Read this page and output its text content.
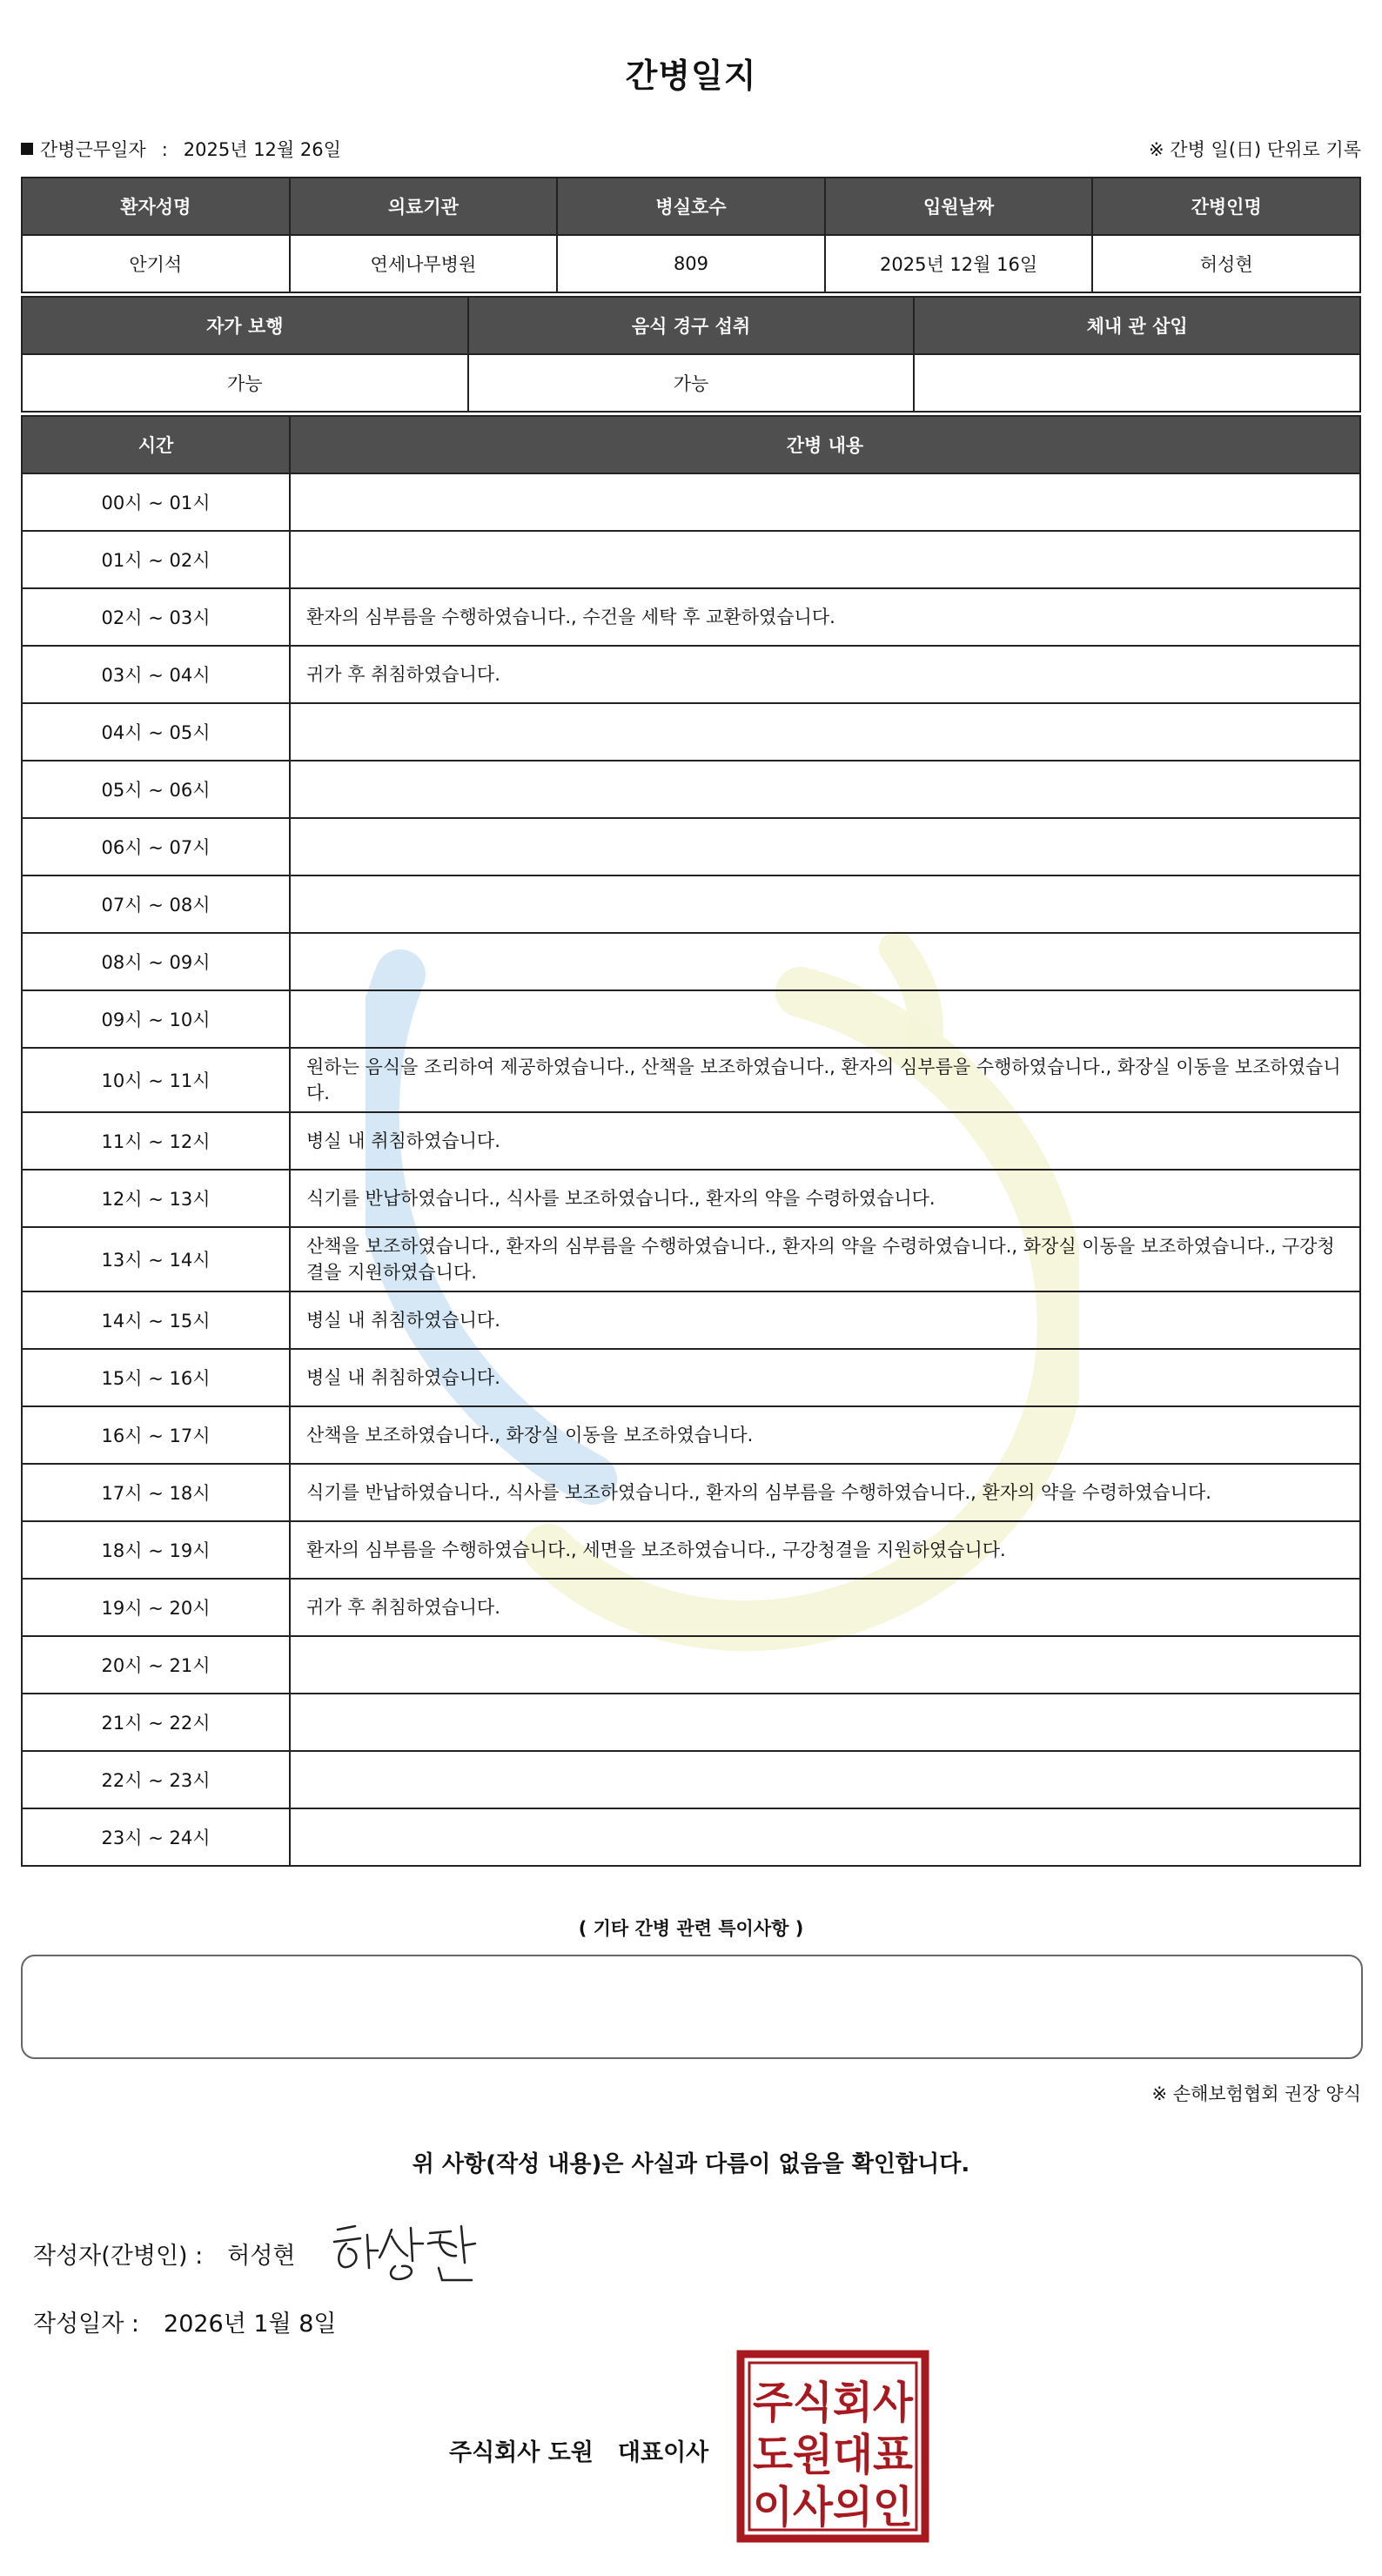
간병일지
간병근무일자 : 2025년 12월 26일	※ 간병 일(日) 단위로 기록
환자성명	의료기관	병실호수	입원날짜	간병인명
안기석	연세나무병원	809	2025년 12월 16일	허성현
자가 보행	음식 경구 섭취	체내 관 삽입
가능	가능	
시간	간병 내용
00시 ~ 01시	
01시 ~ 02시	
02시 ~ 03시	환자의 심부름을 수행하였습니다., 수건을 세탁 후 교환하였습니다.
03시 ~ 04시	귀가 후 취침하였습니다.
04시 ~ 05시	
05시 ~ 06시	
06시 ~ 07시	
07시 ~ 08시	
08시 ~ 09시	
09시 ~ 10시	
10시 ~ 11시	원하는 음식을 조리하여 제공하였습니다., 산책을 보조하였습니다., 환자의 심부름을 수행하였습니다., 화장실 이동을 보조하였습니다.
11시 ~ 12시	병실 내 취침하였습니다.
12시 ~ 13시	식기를 반납하였습니다., 식사를 보조하였습니다., 환자의 약을 수령하였습니다.
13시 ~ 14시	산책을 보조하였습니다., 환자의 심부름을 수행하였습니다., 환자의 약을 수령하였습니다., 화장실 이동을 보조하였습니다., 구강청결을 지원하였습니다.
14시 ~ 15시	병실 내 취침하였습니다.
15시 ~ 16시	병실 내 취침하였습니다.
16시 ~ 17시	산책을 보조하였습니다., 화장실 이동을 보조하였습니다.
17시 ~ 18시	식기를 반납하였습니다., 식사를 보조하였습니다., 환자의 심부름을 수행하였습니다., 환자의 약을 수령하였습니다.
18시 ~ 19시	환자의 심부름을 수행하였습니다., 세면을 보조하였습니다., 구강청결을 지원하였습니다.
19시 ~ 20시	귀가 후 취침하였습니다.
20시 ~ 21시	
21시 ~ 22시	
22시 ~ 23시	
23시 ~ 24시	
( 기타 간병 관련 특이사항 )
※ 손해보험협회 권장 양식
위 사항(작성 내용)은 사실과 다름이 없음을 확인합니다.
작성자(간병인) : 허성현
작성일자 : 2026년 1월 8일
주식회사 도원 대표이사
주식회사
도원대표
이사의인
